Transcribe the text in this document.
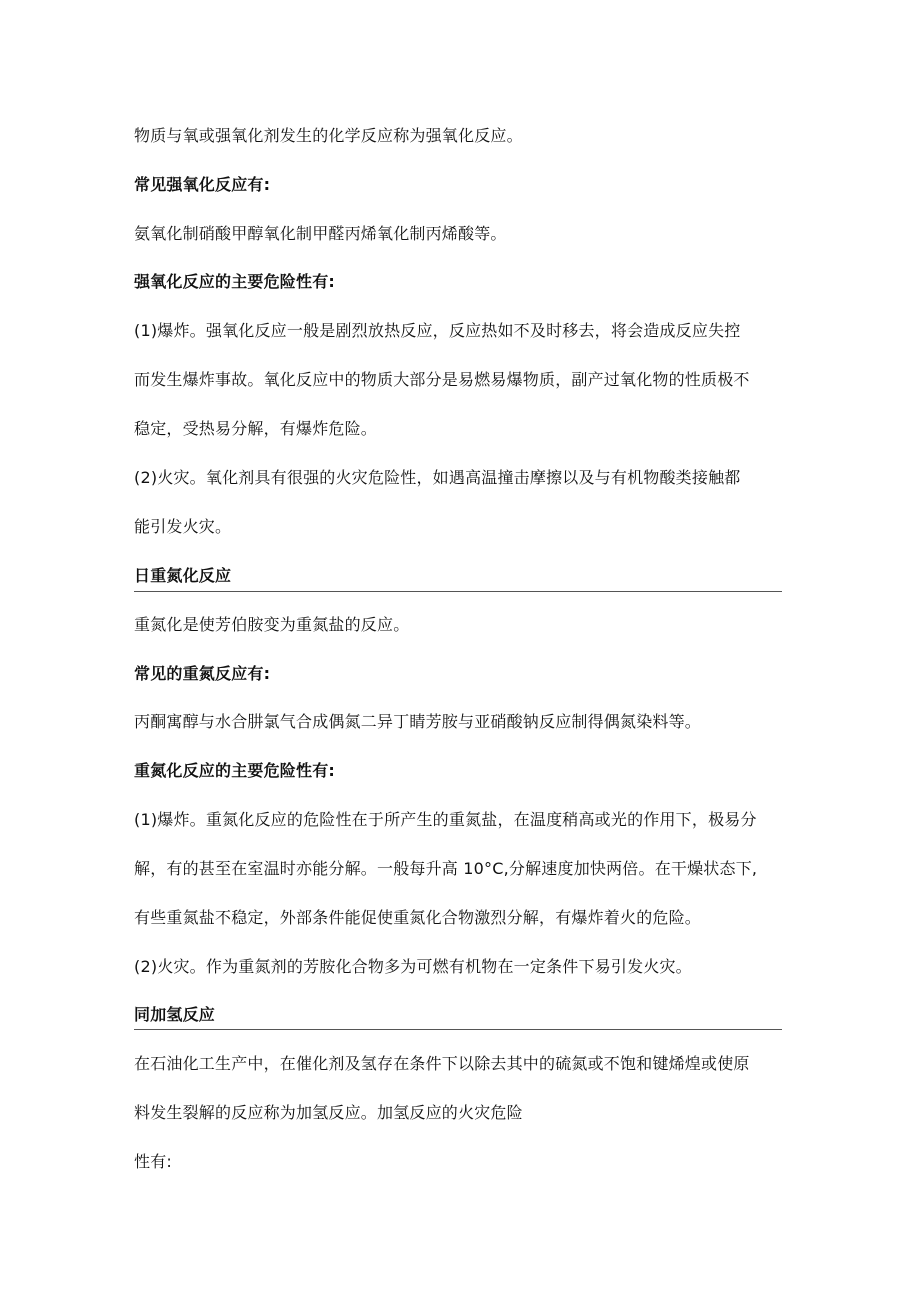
物质与氧或强氧化剂发生的化学反应称为强氧化反应。
常见强氧化反应有:
氨氧化制硝酸甲醇氧化制甲醛丙烯氧化制丙烯酸等。
强氧化反应的主要危险性有:
(1)爆炸。强氧化反应一般是剧烈放热反应，反应热如不及时移去，将会造成反应失控
而发生爆炸事故。氧化反应中的物质大部分是易燃易爆物质，副产过氧化物的性质极不
稳定，受热易分解，有爆炸危险。
(2)火灾。氧化剂具有很强的火灾危险性，如遇高温撞击摩擦以及与有机物酸类接触都
能引发火灾。
日重氮化反应
重氮化是使芳伯胺变为重氮盐的反应。
常见的重氮反应有:
丙酮寓醇与水合肼氯气合成偶氮二异丁睛芳胺与亚硝酸钠反应制得偶氮染料等。
重氮化反应的主要危险性有:
(1)爆炸。重氮化反应的危险性在于所产生的重氮盐，在温度稍高或光的作用下，极易分
解，有的甚至在室温时亦能分解。一般每升高 10°C,分解速度加快两倍。在干燥状态下,
有些重氮盐不稳定，外部条件能促使重氮化合物激烈分解，有爆炸着火的危险。
(2)火灾。作为重氮剂的芳胺化合物多为可燃有机物在一定条件下易引发火灾。
同加氢反应
在石油化工生产中，在催化剂及氢存在条件下以除去其中的硫氮或不饱和键烯煌或使原
料发生裂解的反应称为加氢反应。加氢反应的火灾危险
性有:
